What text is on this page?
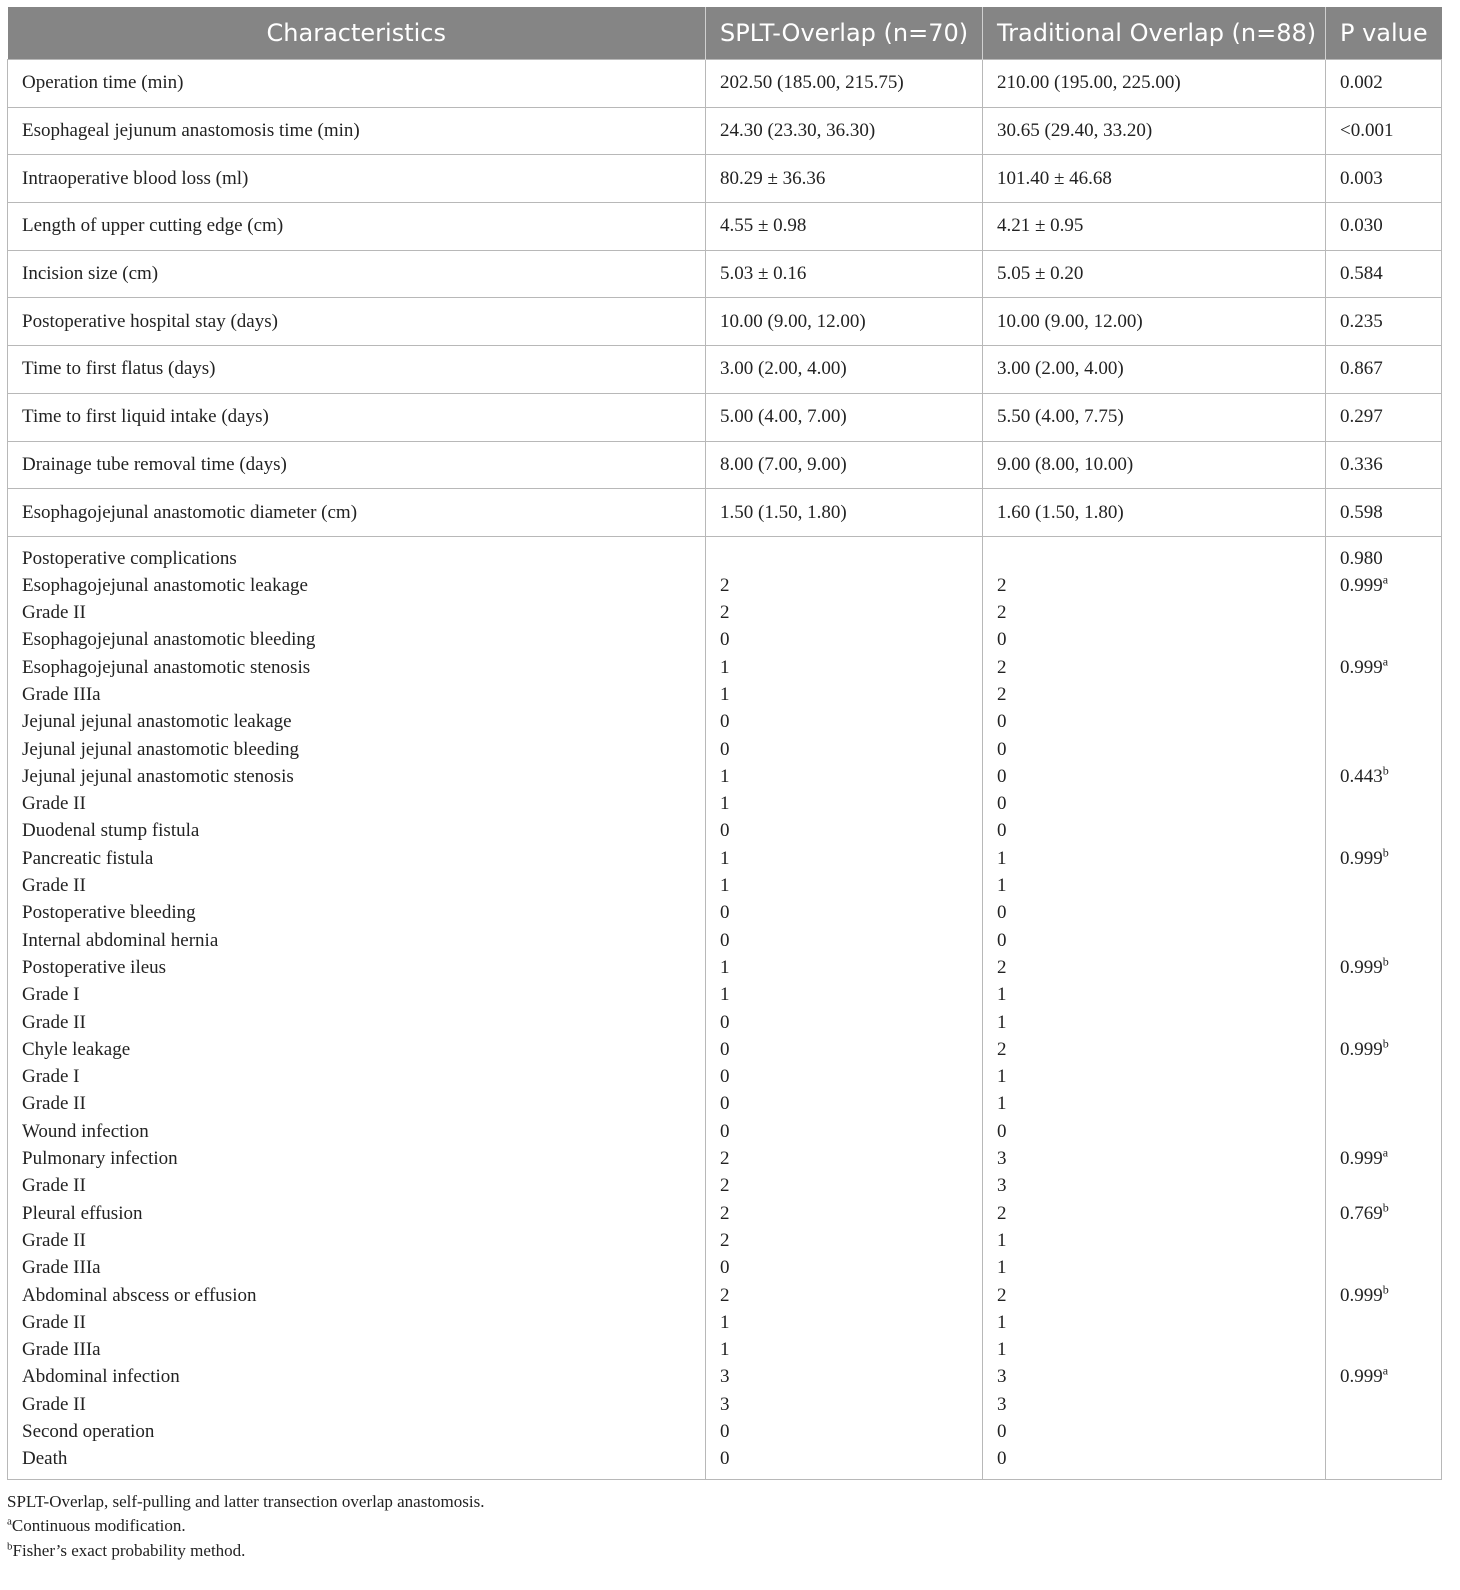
Characteristics	SPLT-Overlap (n=70)	Traditional Overlap (n=88)	P value
Operation time (min)	202.50 (185.00, 215.75)	210.00 (195.00, 225.00)	0.002
Esophageal jejunum anastomosis time (min)	24.30 (23.30, 36.30)	30.65 (29.40, 33.20)	<0.001
Intraoperative blood loss (ml)	80.29 ± 36.36	101.40 ± 46.68	0.003
Length of upper cutting edge (cm)	4.55 ± 0.98	4.21 ± 0.95	0.030
Incision size (cm)	5.03 ± 0.16	5.05 ± 0.20	0.584
Postoperative hospital stay (days)	10.00 (9.00, 12.00)	10.00 (9.00, 12.00)	0.235
Time to first flatus (days)	3.00 (2.00, 4.00)	3.00 (2.00, 4.00)	0.867
Time to first liquid intake (days)	5.00 (4.00, 7.00)	5.50 (4.00, 7.75)	0.297
Drainage tube removal time (days)	8.00 (7.00, 9.00)	9.00 (8.00, 10.00)	0.336
Esophagojejunal anastomotic diameter (cm)	1.50 (1.50, 1.80)	1.60 (1.50, 1.80)	0.598
Postoperative complications			0.980
Esophagojejunal anastomotic leakage	2	2	0.999$^a$
Grade II	2	2	
Esophagojejunal anastomotic bleeding	0	0	
Esophagojejunal anastomotic stenosis	1	2	0.999$^a$
Grade IIIa	1	2	
Jejunal jejunal anastomotic leakage	0	0	
Jejunal jejunal anastomotic bleeding	0	0	
Jejunal jejunal anastomotic stenosis	1	0	0.443$^b$
Grade II	1	0	
Duodenal stump fistula	0	0	
Pancreatic fistula	1	1	0.999$^b$
Grade II	1	1	
Postoperative bleeding	0	0	
Internal abdominal hernia	0	0	
Postoperative ileus	1	2	0.999$^b$
Grade I	1	1	
Grade II	0	1	
Chyle leakage	0	2	0.999$^b$
Grade I	0	1	
Grade II	0	1	
Wound infection	0	0	
Pulmonary infection	2	3	0.999$^a$
Grade II	2	3	
Pleural effusion	2	2	0.769$^b$
Grade II	2	1	
Grade IIIa	0	1	
Abdominal abscess or effusion	2	2	0.999$^b$
Grade II	1	1	
Grade IIIa	1	1	
Abdominal infection	3	3	0.999$^a$
Grade II	3	3	
Second operation	0	0	
Death	0	0	
SPLT-Overlap, self-pulling and latter transection overlap anastomosis.
$^a$Continuous modification.
$^b$Fisher’s exact probability method.
